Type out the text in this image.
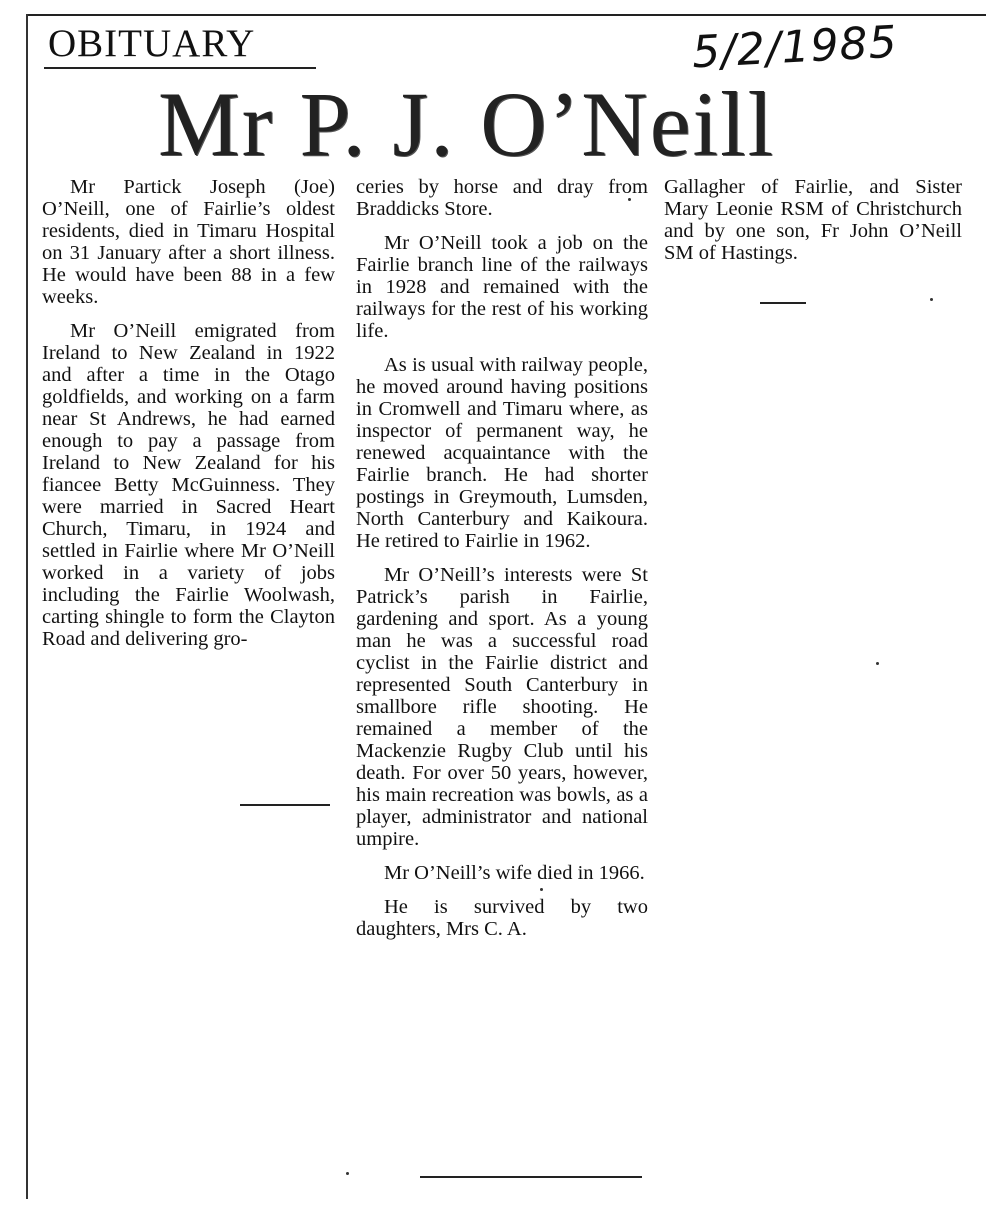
OBITUARY	5/2/1985
Mr P. J. O’Neill

Mr Partick Joseph (Joe) O’Neill, one of Fairlie’s oldest residents, died in Timaru Hospital on 31 January after a short illness. He would have been 88 in a few weeks.

Mr O’Neill emigrated from Ireland to New Zealand in 1922 and after a time in the Otago goldfields, and working on a farm near St Andrews, he had earned enough to pay a passage from Ireland to New Zealand for his fiancee Betty McGuinness. They were married in Sacred Heart Church, Timaru, in 1924 and settled in Fairlie where Mr O’Neill worked in a variety of jobs including the Fairlie Woolwash, carting shingle to form the Clayton Road and delivering gro-

ceries by horse and dray from Braddicks Store.

Mr O’Neill took a job on the Fairlie branch line of the railways in 1928 and remained with the railways for the rest of his working life.

As is usual with railway people, he moved around having positions in Cromwell and Timaru where, as inspector of permanent way, he renewed acquaintance with the Fairlie branch. He had shorter postings in Greymouth, Lumsden, North Canterbury and Kaikoura. He retired to Fairlie in 1962.

Mr O’Neill’s interests were St Patrick’s parish in Fairlie, gardening and sport. As a young man he was a successful road cyclist in the Fairlie district and represented South Canterbury in smallbore rifle shooting. He remained a member of the Mackenzie Rugby Club until his death. For over 50 years, however, his main recreation was bowls, as a player, administrator and national umpire.

Mr O’Neill’s wife died in 1966.

He is survived by two daughters, Mrs C. A.

Gallagher of Fairlie, and Sister Mary Leonie RSM of Christchurch and by one son, Fr John O’Neill SM of Hastings.
